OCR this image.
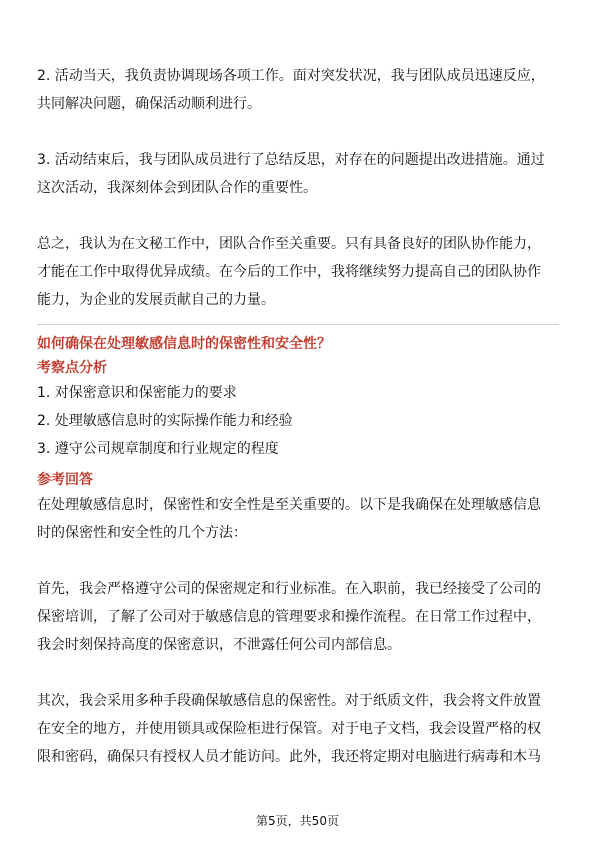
2. 活动当天，我负责协调现场各项工作。面对突发状况，我与团队成员迅速反应，
共同解决问题，确保活动顺利进行。

3. 活动结束后，我与团队成员进行了总结反思，对存在的问题提出改进措施。通过
这次活动，我深刻体会到团队合作的重要性。

总之，我认为在文秘工作中，团队合作至关重要。只有具备良好的团队协作能力，
才能在工作中取得优异成绩。在今后的工作中，我将继续努力提高自己的团队协作
能力，为企业的发展贡献自己的力量。

如何确保在处理敏感信息时的保密性和安全性？

考察点分析

1. 对保密意识和保密能力的要求

2. 处理敏感信息时的实际操作能力和经验

3. 遵守公司规章制度和行业规定的程度

参考回答

在处理敏感信息时，保密性和安全性是至关重要的。以下是我确保在处理敏感信息
时的保密性和安全性的几个方法：

首先，我会严格遵守公司的保密规定和行业标准。在入职前，我已经接受了公司的
保密培训，了解了公司对于敏感信息的管理要求和操作流程。在日常工作过程中，
我会时刻保持高度的保密意识，不泄露任何公司内部信息。

其次，我会采用多种手段确保敏感信息的保密性。对于纸质文件，我会将文件放置
在安全的地方，并使用锁具或保险柜进行保管。对于电子文档，我会设置严格的权
限和密码，确保只有授权人员才能访问。此外，我还将定期对电脑进行病毒和木马

第5页，共50页
